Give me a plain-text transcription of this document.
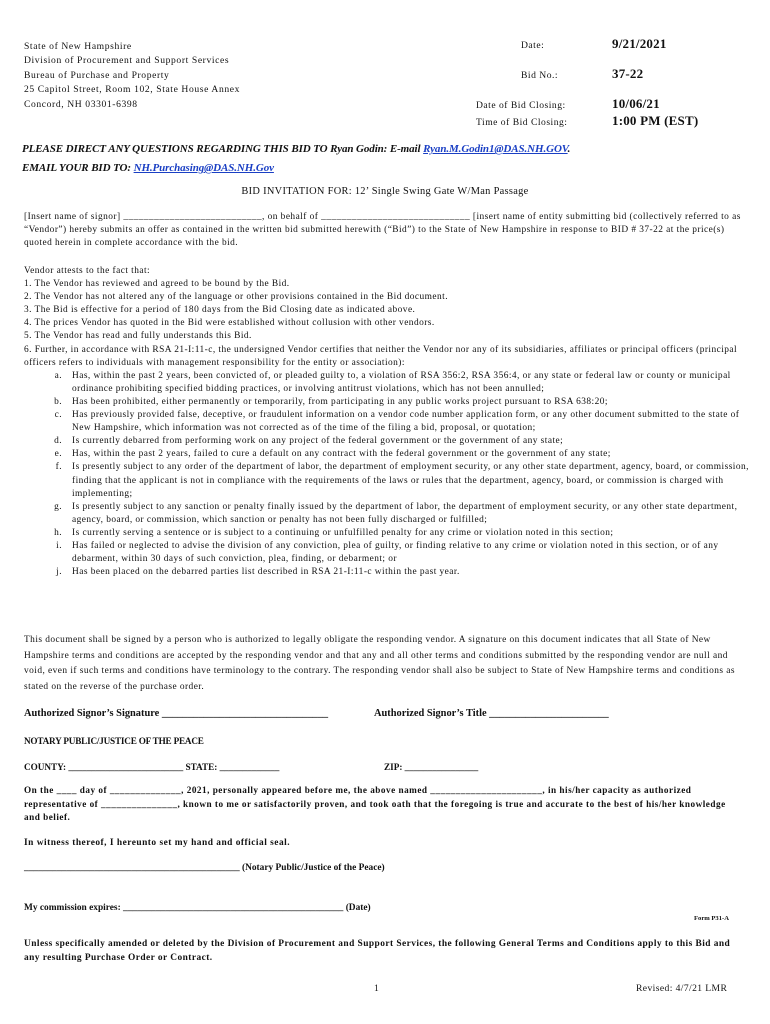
State of New Hampshire
Division of Procurement and Support Services
Bureau of Purchase and Property
25 Capitol Street, Room 102, State House Annex
Concord, NH 03301-6398
Date:	9/21/2021
Bid No.:	37-22
Date of Bid Closing:	10/06/21
Time of Bid Closing:	1:00 PM (EST)
PLEASE DIRECT ANY QUESTIONS REGARDING THIS BID TO Ryan Godin: E-mail Ryan.M.Godin1@DAS.NH.GOV.
EMAIL YOUR BID TO: NH.Purchasing@DAS.NH.Gov
BID INVITATION FOR: 12’ Single Swing Gate W/Man Passage

[Insert name of signor] ___________________________, on behalf of _____________________________ [insert name of entity submitting bid (collectively referred to as “Vendor”) hereby submits an offer as contained in the written bid submitted herewith (“Bid”) to the State of New Hampshire in response to BID # 37-22 at the price(s) quoted herein in complete accordance with the bid.

Vendor attests to the fact that:

1. The Vendor has reviewed and agreed to be bound by the Bid.
2. The Vendor has not altered any of the language or other provisions contained in the Bid document.
3. The Bid is effective for a period of 180 days from the Bid Closing date as indicated above.
4. The prices Vendor has quoted in the Bid were established without collusion with other vendors.
5. The Vendor has read and fully understands this Bid.
6. Further, in accordance with RSA 21-I:11-c, the undersigned Vendor certifies that neither the Vendor nor any of its subsidiaries, affiliates or principal officers (principal officers refers to individuals with management responsibility for the entity or association):
a.	Has, within the past 2 years, been convicted of, or pleaded guilty to, a violation of RSA 356:2, RSA 356:4, or any state or federal law or county or municipal ordinance prohibiting specified bidding practices, or involving antitrust violations, which has not been annulled;
b.	Has been prohibited, either permanently or temporarily, from participating in any public works project pursuant to RSA 638:20;
c.	Has previously provided false, deceptive, or fraudulent information on a vendor code number application form, or any other document submitted to the state of New Hampshire, which information was not corrected as of the time of the filing a bid, proposal, or quotation;
d.	Is currently debarred from performing work on any project of the federal government or the government of any state;
e.	Has, within the past 2 years, failed to cure a default on any contract with the federal government or the government of any state;
f.	Is presently subject to any order of the department of labor, the department of employment security, or any other state department, agency, board, or commission, finding that the applicant is not in compliance with the requirements of the laws or rules that the department, agency, board, or commission is charged with implementing;
g.	Is presently subject to any sanction or penalty finally issued by the department of labor, the department of employment security, or any other state department, agency, board, or commission, which sanction or penalty has not been fully discharged or fulfilled;
h.	Is currently serving a sentence or is subject to a continuing or unfulfilled penalty for any crime or violation noted in this section;
i.	Has failed or neglected to advise the division of any conviction, plea of guilty, or finding relative to any crime or violation noted in this section, or of any debarment, within 30 days of such conviction, plea, finding, or debarment; or
j.	Has been placed on the debarred parties list described in RSA 21-I:11-c within the past year.

This document shall be signed by a person who is authorized to legally obligate the responding vendor. A signature on this document indicates that all State of New Hampshire terms and conditions are accepted by the responding vendor and that any and all other terms and conditions submitted by the responding vendor are null and void, even if such terms and conditions have terminology to the contrary. The responding vendor shall also be subject to State of New Hampshire terms and conditions as stated on the reverse of the purchase order.

Authorized Signor’s Signature ________________________________	Authorized Signor’s Title _______________________
NOTARY PUBLIC/JUSTICE OF THE PEACE
COUNTY: _________________________ STATE: _____________	ZIP: ________________

On the ____ day of ______________, 2021, personally appeared before me, the above named ______________________, in his/her capacity as authorized representative of _______________, known to me or satisfactorily proven, and took oath that the foregoing is true and accurate to the best of his/her knowledge and belief.

In witness thereof, I hereunto set my hand and official seal.
______________________________________________ (Notary Public/Justice of the Peace)
My commission expires: _______________________________________________ (Date)
Form P31-A

Unless specifically amended or deleted by the Division of Procurement and Support Services, the following General Terms and Conditions apply to this Bid and any resulting Purchase Order or Contract.

1	Revised: 4/7/21 LMR
